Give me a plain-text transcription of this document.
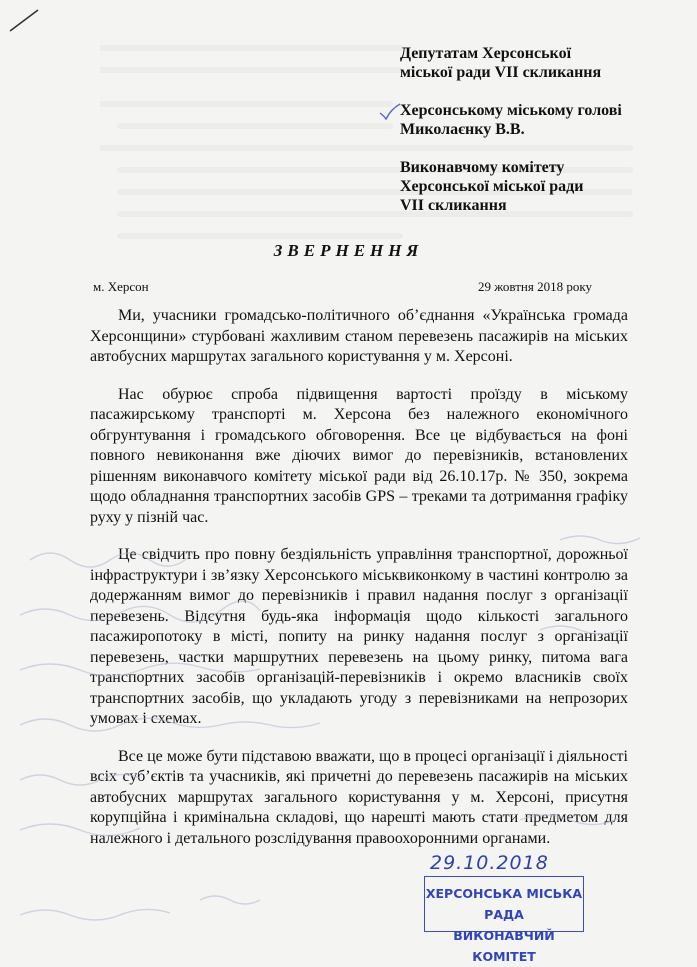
Депутатам Херсонської

міської ради VII скликання

Херсонському міському голові

Миколаєнку В.В.

Виконавчому комітету

Херсонської міської ради

VII скликання

ЗВЕРНЕННЯ
м. Херсон	29 жовтня 2018 року

Ми, учасники громадсько-політичного об’єднання «Українська громада Херсонщини» стурбовані жахливим станом перевезень пасажирів на міських автобусних маршрутах загального користування у м. Херсоні.

Нас обурює спроба підвищення вартості проїзду в міському пасажирському транспорті м. Херсона без належного економічного обгрунтування і громадського обговорення. Все це відбувається на фоні повного невиконання вже діючих вимог до перевізників, встановлених рішенням виконавчого комітету міської ради від 26.10.17р. № 350, зокрема щодо обладнання транспортних засобів GPS – треками та дотримання графіку руху у пізній час.

Це свідчить про повну бездіяльність управління транспортної, дорожньої інфраструктури і зв’язку Херсонського міськвиконкому в частині контролю за додержанням вимог до перевізників і правил надання послуг з організації перевезень. Відсутня будь-яка інформація щодо кількості загального пасажиропотоку в місті, попиту на ринку надання послуг з організації перевезень, частки маршрутних перевезень на цьому ринку, питома вага транспортних засобів організацій-перевізників і окремо власників своїх транспортних засобів, що укладають угоду з перевізниками на непрозорих умовах і схемах.

Все це може бути підставою вважати, що в процесі організації і діяльності всіх суб’єктів та учасників, які причетні до перевезень пасажирів на міських автобусних маршрутах загального користування у м. Херсоні, присутня корупційна і кримінальна складові, що нарешті мають стати предметом для належного і детального розслідування правоохоронними органами.

29.10.2018
ХЕРСОНСЬКА МІСЬКА РАДА
ВИКОНАВЧИЙ КОМІТЕТ
